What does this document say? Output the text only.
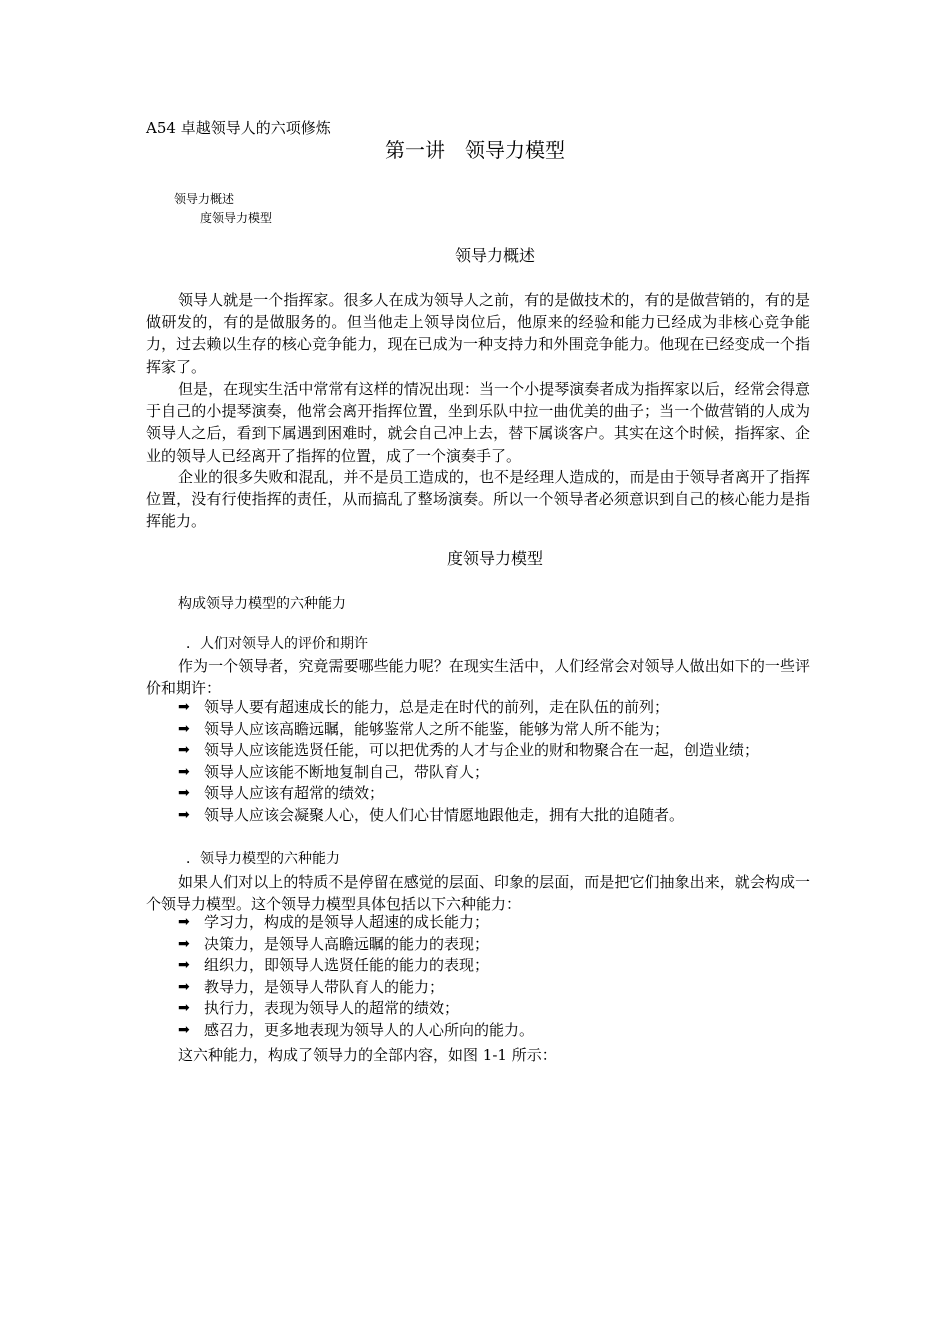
A54 卓越领导人的六项修炼
第一讲　领导力模型
领导力概述
度领导力模型
领导力概述
领导人就是一个指挥家。很多人在成为领导人之前，有的是做技术的，有的是做营销的，有的是做研发的，有的是做服务的。但当他走上领导岗位后，他原来的经验和能力已经成为非核心竞争能力，过去赖以生存的核心竞争能力，现在已成为一种支持力和外围竞争能力。他现在已经变成一个指挥家了。
但是，在现实生活中常常有这样的情况出现：当一个小提琴演奏者成为指挥家以后，经常会得意于自己的小提琴演奏，他常会离开指挥位置，坐到乐队中拉一曲优美的曲子；当一个做营销的人成为领导人之后，看到下属遇到困难时，就会自己冲上去，替下属谈客户。其实在这个时候，指挥家、企业的领导人已经离开了指挥的位置，成了一个演奏手了。
企业的很多失败和混乱，并不是员工造成的，也不是经理人造成的，而是由于领导者离开了指挥位置，没有行使指挥的责任，从而搞乱了整场演奏。所以一个领导者必须意识到自己的核心能力是指挥能力。
度领导力模型
构成领导力模型的六种能力
．人们对领导人的评价和期许
作为一个领导者，究竟需要哪些能力呢？在现实生活中，人们经常会对领导人做出如下的一些评价和期许：
➡ 领导人要有超速成长的能力，总是走在时代的前列，走在队伍的前列；
➡ 领导人应该高瞻远瞩，能够鉴常人之所不能鉴，能够为常人所不能为；
➡ 领导人应该能选贤任能，可以把优秀的人才与企业的财和物聚合在一起，创造业绩；
➡ 领导人应该能不断地复制自己，带队育人；
➡ 领导人应该有超常的绩效；
➡ 领导人应该会凝聚人心，使人们心甘情愿地跟他走，拥有大批的追随者。
．领导力模型的六种能力
如果人们对以上的特质不是停留在感觉的层面、印象的层面，而是把它们抽象出来，就会构成一个领导力模型。这个领导力模型具体包括以下六种能力：
➡ 学习力，构成的是领导人超速的成长能力；
➡ 决策力，是领导人高瞻远瞩的能力的表现；
➡ 组织力，即领导人选贤任能的能力的表现；
➡ 教导力，是领导人带队育人的能力；
➡ 执行力，表现为领导人的超常的绩效；
➡ 感召力，更多地表现为领导人的人心所向的能力。
这六种能力，构成了领导力的全部内容，如图 1-1 所示：
